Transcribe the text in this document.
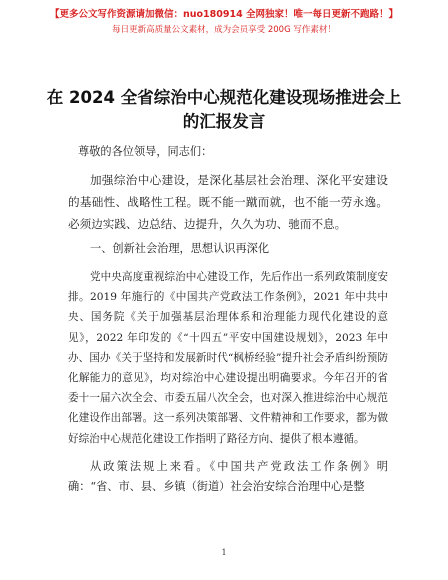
【更多公文写作资源请加微信：nuo180914 全网独家！唯一每日更新不跑路！】
每日更新高质量公文素材，成为会员享受 200G 写作素材！
在 2024 全省综治中心规范化建设现场推进会上的汇报发言

尊敬的各位领导，同志们：

加强综治中心建设，是深化基层社会治理、深化平安建设的基础性、战略性工程。既不能一蹴而就，也不能一劳永逸。必须边实践、边总结、边提升，久久为功、驰而不息。

一、创新社会治理，思想认识再深化

党中央高度重视综治中心建设工作，先后作出一系列政策制度安排。2019 年施行的《中国共产党政法工作条例》，2021 年中共中央、国务院《关于加强基层治理体系和治理能力现代化建设的意见》，2022 年印发的《“十四五”平安中国建设规划》，2023 年中办、国办《关于坚持和发展新时代“枫桥经验”提升社会矛盾纠纷预防化解能力的意见》，均对综治中心建设提出明确要求。今年召开的省委十一届六次全会、市委五届八次全会，也对深入推进综治中心规范化建设作出部署。这一系列决策部署、文件精神和工作要求，都为做好综治中心规范化建设工作指明了路径方向、提供了根本遵循。

从政策法规上来看。《中国共产党政法工作条例》明确：“省、市、县、乡镇（街道）社会治安综合治理中心是整

1
